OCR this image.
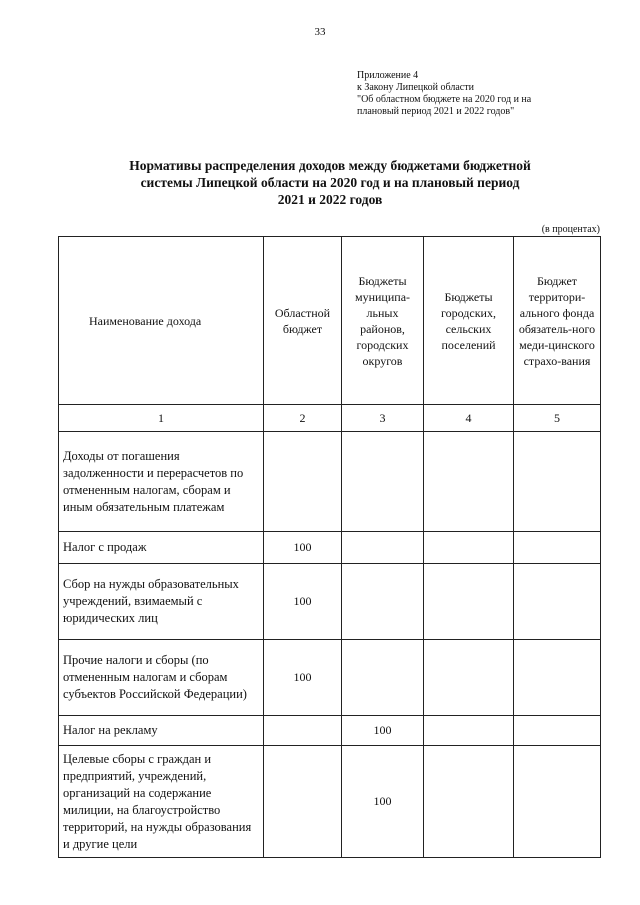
33
Приложение 4
к Закону Липецкой области
"Об областном бюджете на 2020 год и на
плановый период 2021 и 2022 годов"
Нормативы распределения доходов между бюджетами бюджетной
системы Липецкой области на 2020 год и на плановый период
2021 и 2022 годов
(в процентах)
Наименование дохода	Областной бюджет	Бюджеты муниципа-льных районов, городских округов	Бюджеты городских, сельских поселений	Бюджет территори-ального фонда обязатель-ного меди-цинского страхо-вания
1	2	3	4	5
Доходы от погашения задолженности и перерасчетов по отмененным налогам, сборам и иным обязательным платежам				
Налог с продаж	100			
Сбор на нужды образовательных учреждений, взимаемый с юридических лиц	100			
Прочие налоги и сборы (по отмененным налогам и сборам субъектов Российской Федерации)	100			
Налог на рекламу		100		
Целевые сборы с граждан и предприятий, учреждений, организаций на содержание милиции, на благоустройство территорий, на нужды образования и другие цели		100		
